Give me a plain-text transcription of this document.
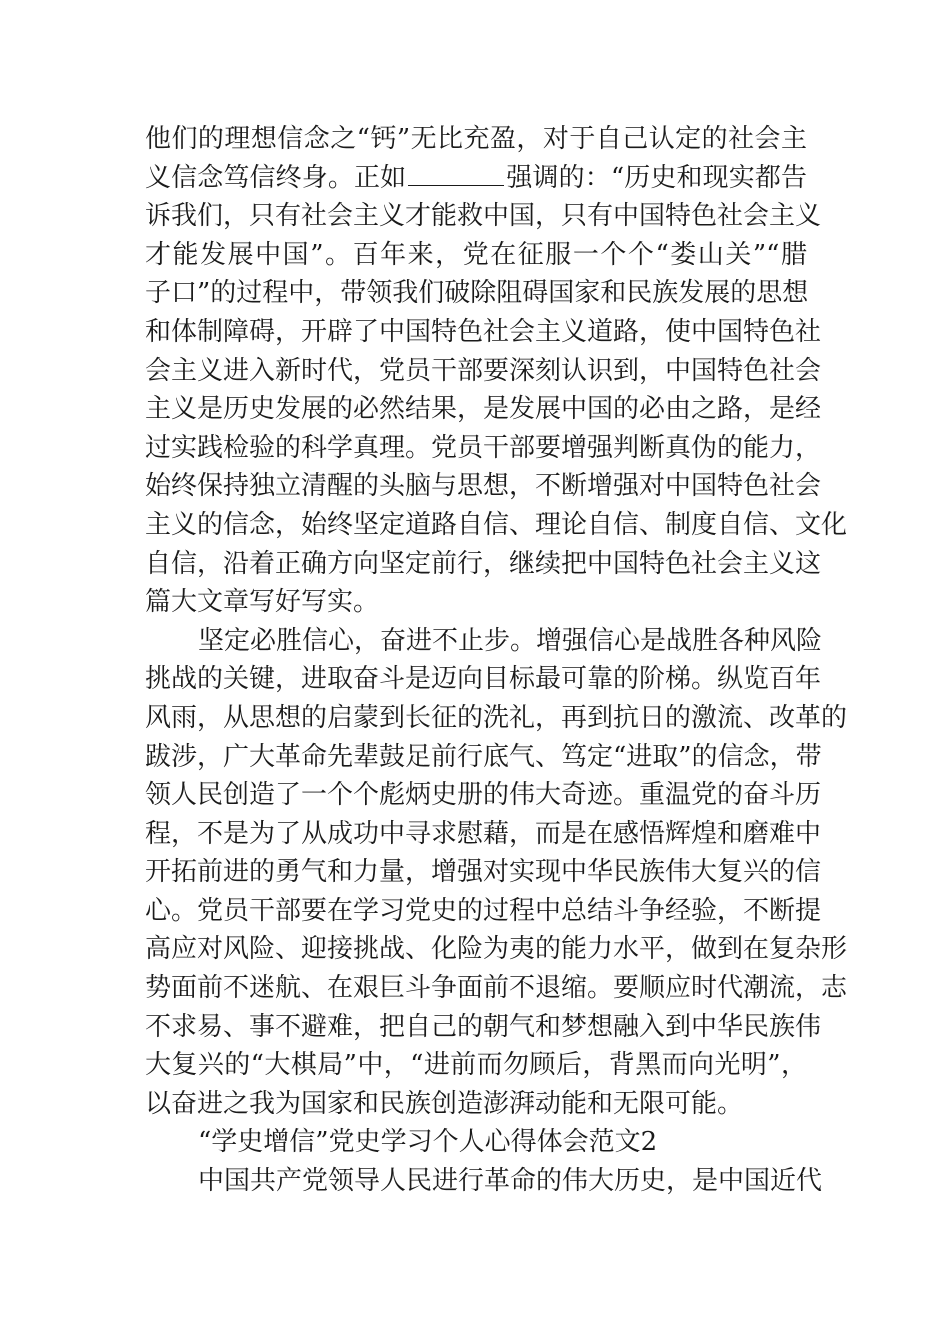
他们的理想信念之“钙”无比充盈，对于自己认定的社会主
义信念笃信终身。正如	强调的：“历史和现实都告
诉我们，只有社会主义才能救中国，只有中国特色社会主义
才能发展中国”。百年来，党在征服一个个“娄山关”“腊
子口”的过程中，带领我们破除阻碍国家和民族发展的思想
和体制障碍，开辟了中国特色社会主义道路，使中国特色社
会主义进入新时代，党员干部要深刻认识到，中国特色社会
主义是历史发展的必然结果，是发展中国的必由之路，是经
过实践检验的科学真理。党员干部要增强判断真伪的能力，
始终保持独立清醒的头脑与思想，不断增强对中国特色社会
主义的信念，始终坚定道路自信、理论自信、制度自信、文化
自信，沿着正确方向坚定前行，继续把中国特色社会主义这
篇大文章写好写实。
坚定必胜信心，奋进不止步。增强信心是战胜各种风险
挑战的关键，进取奋斗是迈向目标最可靠的阶梯。纵览百年
风雨，从思想的启蒙到长征的洗礼，再到抗日的激流、改革的
跋涉，广大革命先辈鼓足前行底气、笃定“进取”的信念，带
领人民创造了一个个彪炳史册的伟大奇迹。重温党的奋斗历
程，不是为了从成功中寻求慰藉，而是在感悟辉煌和磨难中
开拓前进的勇气和力量，增强对实现中华民族伟大复兴的信
心。党员干部要在学习党史的过程中总结斗争经验，不断提
高应对风险、迎接挑战、化险为夷的能力水平，做到在复杂形
势面前不迷航、在艰巨斗争面前不退缩。要顺应时代潮流，志
不求易、事不避难，把自己的朝气和梦想融入到中华民族伟
大复兴的“大棋局”中，“进前而勿顾后，背黑而向光明”，
以奋进之我为国家和民族创造澎湃动能和无限可能。
“学史增信”党史学习个人心得体会范文2
中国共产党领导人民进行革命的伟大历史，是中国近代
